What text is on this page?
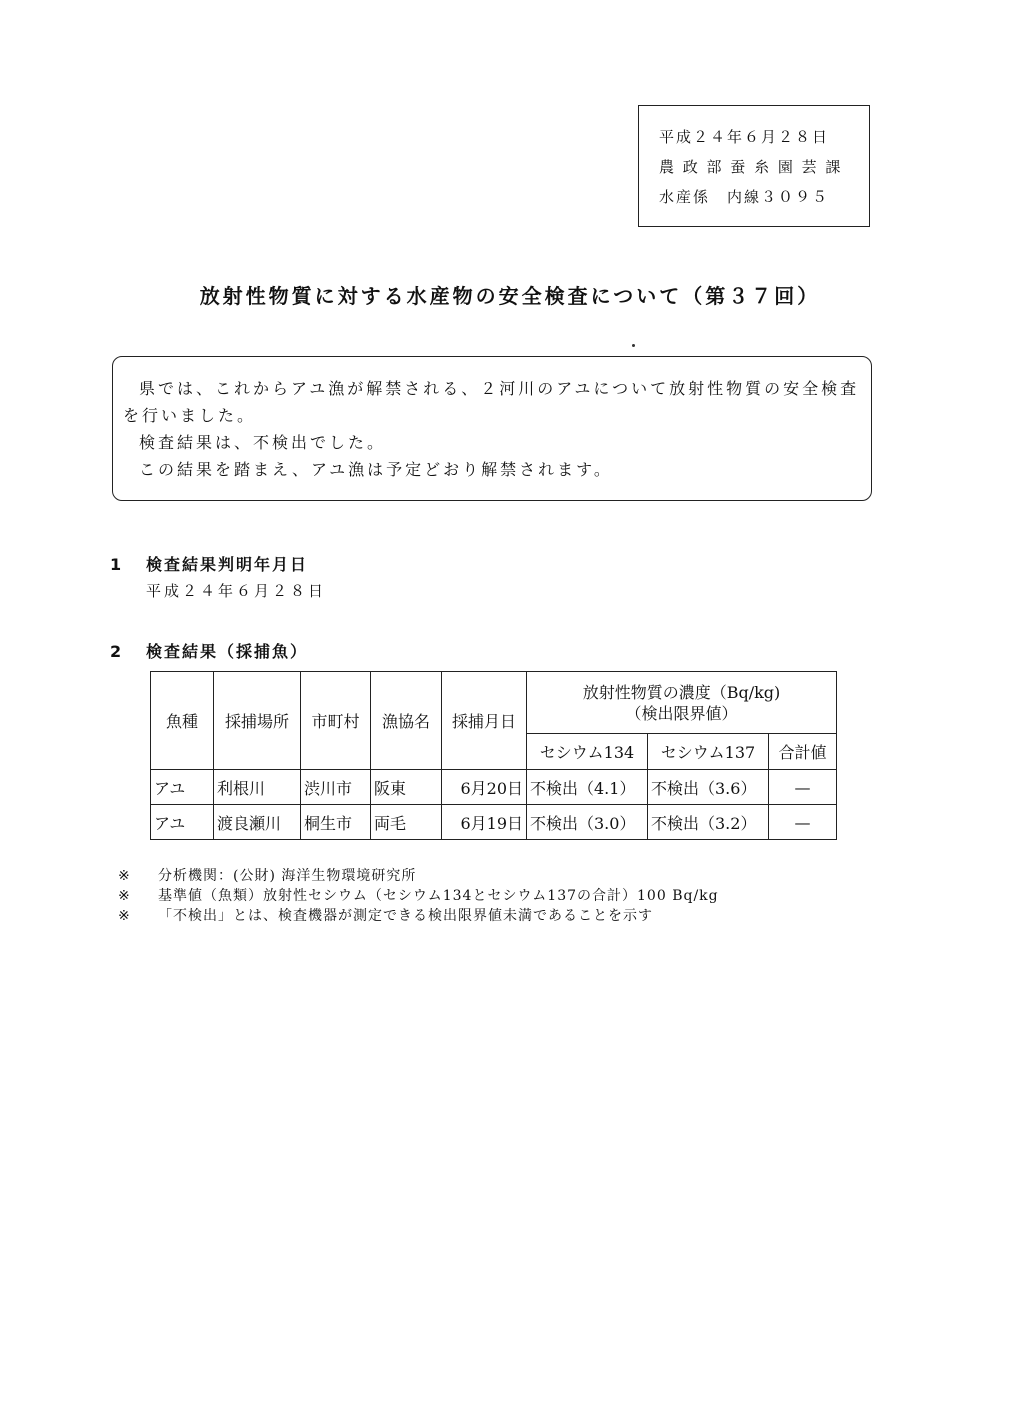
平成２４年６月２８日
農 政 部 蚕 糸 園 芸 課
水産係　内線３０９５
放射性物質に対する水産物の安全検査について（第３７回）

県では、これからアユ漁が解禁される、２河川のアユについて放射性物質の安全検査を行いました。

検査結果は、不検出でした。

この結果を踏まえ、アユ漁は予定どおり解禁されます。

1 検査結果判明年月日
平成２４年６月２８日
2 検査結果（採捕魚）
魚種	採捕場所	市町村	漁協名	採捕月日	放射性物質の濃度（Bq/kg)
（検出限界値）		

					セシウム134	セシウム137	合計値
アユ	利根川	渋川市	阪東	6月20日	不検出（4.1）	不検出（3.6）	—
アユ	渡良瀬川	桐生市	両毛	6月19日	不検出（3.0）	不検出（3.2）	—
※ 分析機関：(公財) 海洋生物環境研究所
※ 基準値（魚類）放射性セシウム（セシウム134とセシウム137の合計）100 Bq/kg
※ 「不検出」とは、検査機器が測定できる検出限界値未満であることを示す
